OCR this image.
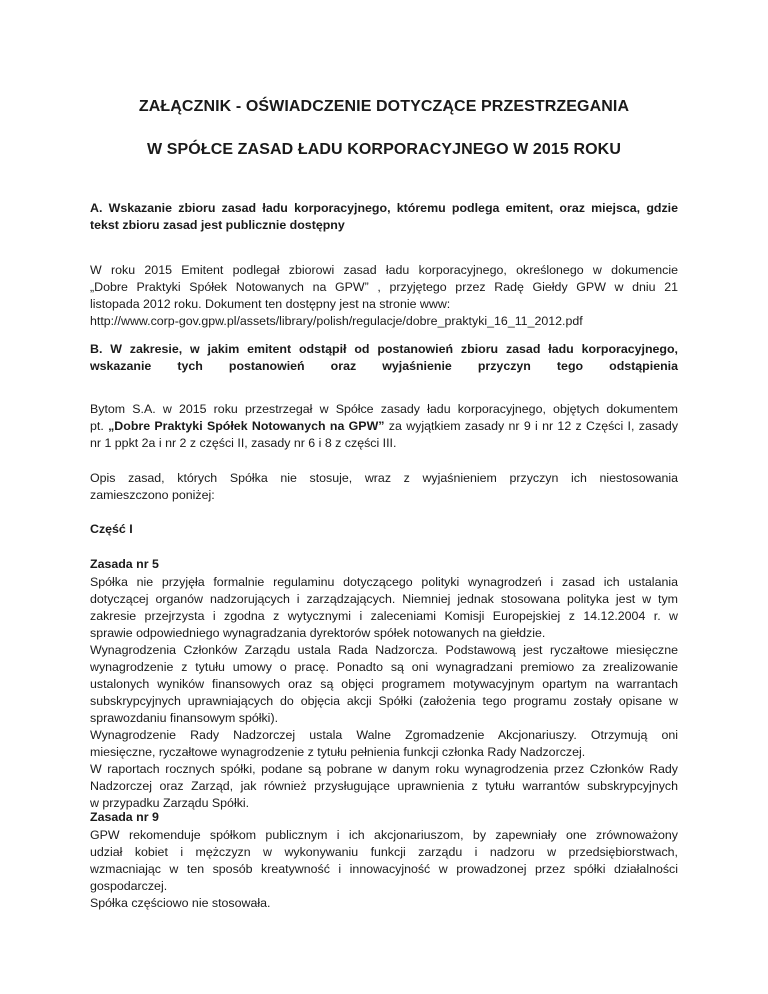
ZAŁĄCZNIK - OŚWIADCZENIE DOTYCZĄCE PRZESTRZEGANIA
W SPÓŁCE ZASAD ŁADU KORPORACYJNEGO W 2015 ROKU
A. Wskazanie zbioru zasad ładu korporacyjnego, któremu podlega emitent, oraz miejsca, gdzie
tekst zbioru zasad jest publicznie dostępny
W roku 2015 Emitent podlegał zbiorowi zasad ładu korporacyjnego, określonego w dokumencie
„Dobre Praktyki Spółek Notowanych na GPW” , przyjętego przez Radę Giełdy GPW w dniu 21
listopada 2012 roku. Dokument ten dostępny jest na stronie www:
http://www.corp-gov.gpw.pl/assets/library/polish/regulacje/dobre_praktyki_16_11_2012.pdf
B. W zakresie, w jakim emitent odstąpił od postanowień zbioru zasad ładu korporacyjnego,
wskazanie tych postanowień oraz wyjaśnienie przyczyn tego odstąpienia
Bytom S.A. w 2015 roku przestrzegał w Spółce zasady ładu korporacyjnego, objętych dokumentem
pt. „Dobre Praktyki Spółek Notowanych na GPW” za wyjątkiem zasady nr 9 i nr 12 z Części I, zasady
nr 1 ppkt 2a i nr 2 z części II, zasady nr 6 i 8 z części III.
Opis zasad, których Spółka nie stosuje, wraz z wyjaśnieniem przyczyn ich niestosowania
zamieszczono poniżej:
Część I
Zasada nr 5
Spółka nie przyjęła formalnie regulaminu dotyczącego polityki wynagrodzeń i zasad ich ustalania
dotyczącej organów nadzorujących i zarządzających. Niemniej jednak stosowana polityka jest w tym
zakresie przejrzysta i zgodna z wytycznymi i zaleceniami Komisji Europejskiej z 14.12.2004 r. w
sprawie odpowiedniego wynagradzania dyrektorów spółek notowanych na giełdzie.
Wynagrodzenia Członków Zarządu ustala Rada Nadzorcza. Podstawową jest ryczałtowe miesięczne
wynagrodzenie z tytułu umowy o pracę. Ponadto są oni wynagradzani premiowo za zrealizowanie
ustalonych wyników finansowych oraz są objęci programem motywacyjnym opartym na warrantach
subskrypcyjnych uprawniających do objęcia akcji Spółki (założenia tego programu zostały opisane w
sprawozdaniu finansowym spółki).
Wynagrodzenie Rady Nadzorczej ustala Walne Zgromadzenie Akcjonariuszy. Otrzymują oni
miesięczne, ryczałtowe wynagrodzenie z tytułu pełnienia funkcji członka Rady Nadzorczej.
W raportach rocznych spółki, podane są pobrane w danym roku wynagrodzenia przez Członków Rady
Nadzorczej oraz Zarząd, jak również przysługujące uprawnienia z tytułu warrantów subskrypcyjnych
w przypadku Zarządu Spółki.
Zasada nr 9
GPW rekomenduje spółkom publicznym i ich akcjonariuszom, by zapewniały one zrównoważony
udział kobiet i mężczyzn w wykonywaniu funkcji zarządu i nadzoru w przedsiębiorstwach,
wzmacniając w ten sposób kreatywność i innowacyjność w prowadzonej przez spółki działalności
gospodarczej.
Spółka częściowo nie stosowała.
